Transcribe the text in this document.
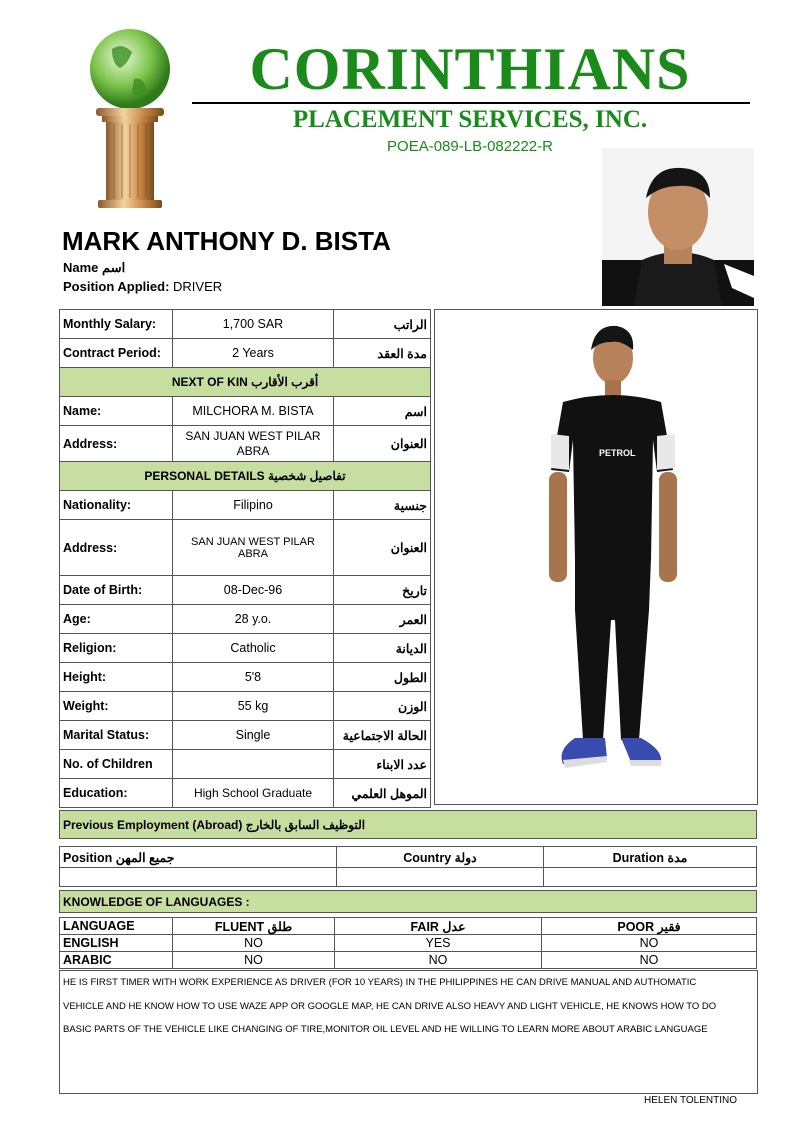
CORINTHIANS
PLACEMENT SERVICES, INC.
POEA-089-LB-082222-R
MARK ANTHONY D. BISTA
Name اسم
Position Applied: DRIVER
Monthly Salary:	1,700 SAR	الراتب
Contract Period:	2 Years	مدة العقد
NEXT OF KIN أقرب الأقارب		
Name:	MILCHORA M. BISTA	اسم
Address:	SAN JUAN WEST PILAR ABRA	العنوان
PERSONAL DETAILS تفاصيل شخصية		
Nationality:	Filipino	جنسية
Address:	SAN JUAN WEST PILAR ABRA	العنوان
Date of Birth:	08-Dec-96	تاريخ
Age:	28 y.o.	العمر
Religion:	Catholic	الديانة
Height:	5'8	الطول
Weight:	55 kg	الوزن
Marital Status:	Single	الحالة الاجتماعية
No. of Children		عدد الابناء
Education:	High School Graduate	الموهل العلمي
PETROL
Previous Employment (Abroad) التوظيف السابق بالخارج
Position جميع المهن	Country دولة	Duration مدة

KNOWLEDGE OF LANGUAGES :
LANGUAGE	FLUENT طلق	FAIR عدل	POOR فقير
ENGLISH	NO	YES	NO
ARABIC	NO	NO	NO
HE IS FIRST TIMER WITH WORK EXPERIENCE AS DRIVER (FOR 10 YEARS) IN THE PHILIPPINES HE CAN DRIVE MANUAL AND AUTHOMATIC
VEHICLE AND HE KNOW HOW TO USE WAZE APP OR GOOGLE MAP, HE CAN DRIVE ALSO HEAVY AND LIGHT VEHICLE, HE KNOWS HOW TO DO
BASIC PARTS OF THE VEHICLE LIKE CHANGING OF TIRE,MONITOR OIL LEVEL AND HE WILLING TO LEARN MORE ABOUT ARABIC LANGUAGE
HELEN TOLENTINO
